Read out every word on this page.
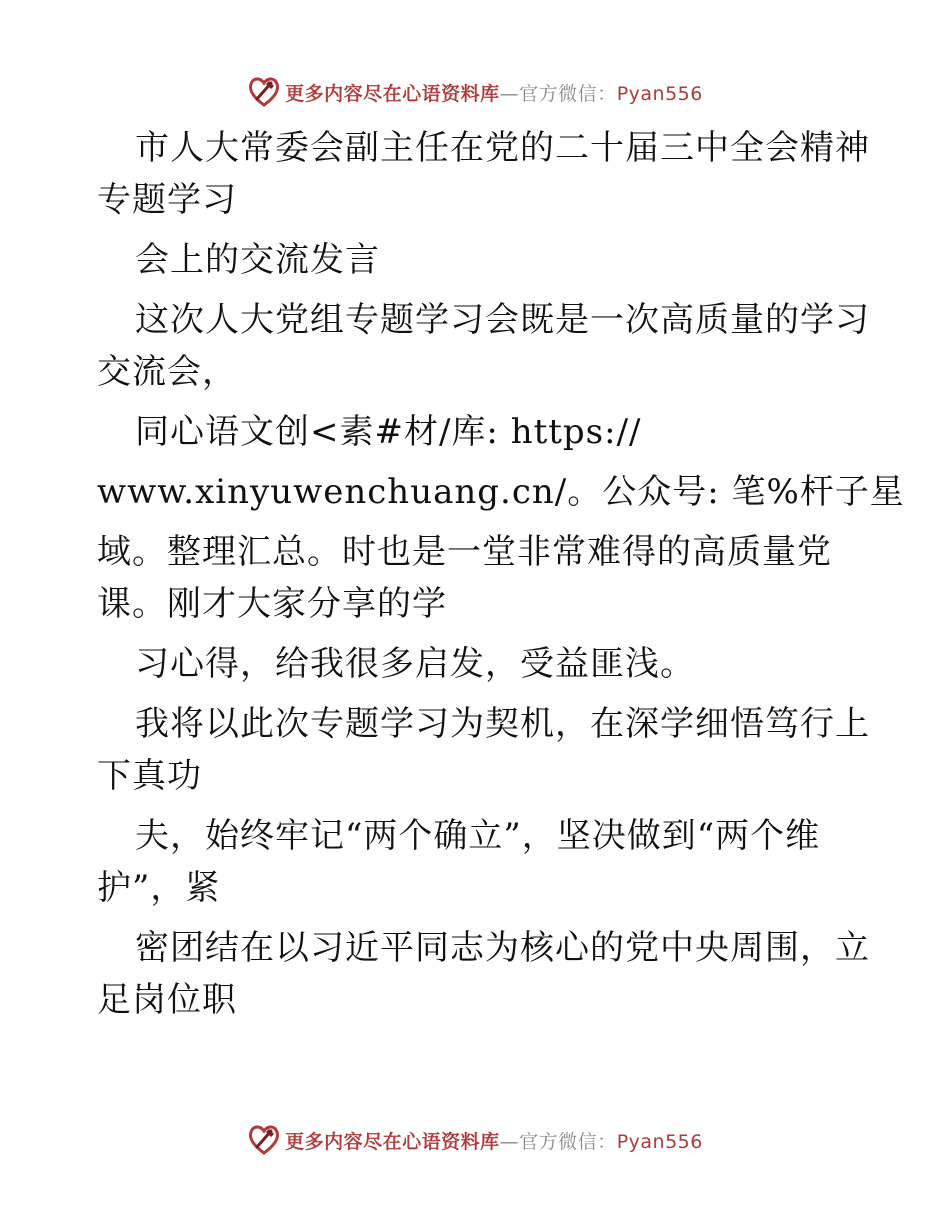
更多内容尽在心语资料库—官方微信：Pyan556
市人大常委会副主任在党的二十届三中全会精神
专题学习
会上的交流发言
这次人大党组专题学习会既是一次高质量的学习
交流会，
同心语文创<素#材/库: https://
www.xinyuwenchuang.cn/。公众号: 笔%杆子星
域。整理汇总。时也是一堂非常难得的高质量党
课。刚才大家分享的学
习心得，给我很多启发，受益匪浅。
我将以此次专题学习为契机，在深学细悟笃行上
下真功
夫，始终牢记“两个确立”，坚决做到“两个维
护”，紧
密团结在以习近平同志为核心的党中央周围，立
足岗位职
更多内容尽在心语资料库—官方微信：Pyan556
